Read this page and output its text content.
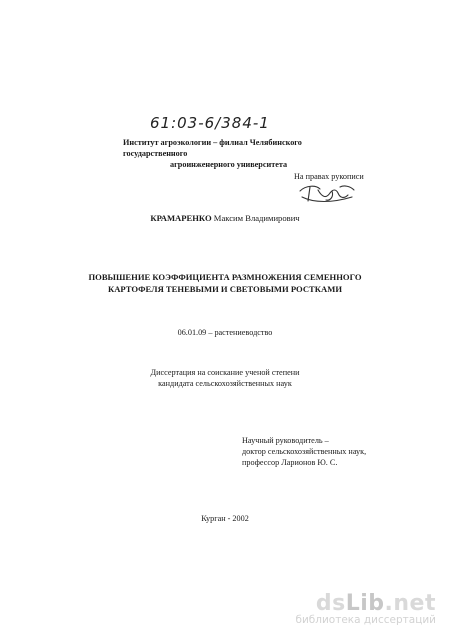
61:03-6/384-1
Институт агроэкологии – филиал Челябинского государственного
агроинженерного университета
На правах рукописи
КРАМАРЕНКО Максим Владимирович
ПОВЫШЕНИЕ КОЭФФИЦИЕНТА РАЗМНОЖЕНИЯ СЕМЕННОГО
КАРТОФЕЛЯ ТЕНЕВЫМИ И СВЕТОВЫМИ РОСТКАМИ
06.01.09 – растениеводство
Диссертация на соискание ученой степени
кандидата сельскохозяйственных наук
Научный руководитель –
доктор сельскохозяйственных наук,
профессор Ларионов Ю. С.
Курган - 2002
dsLib.net
библиотека диссертаций
